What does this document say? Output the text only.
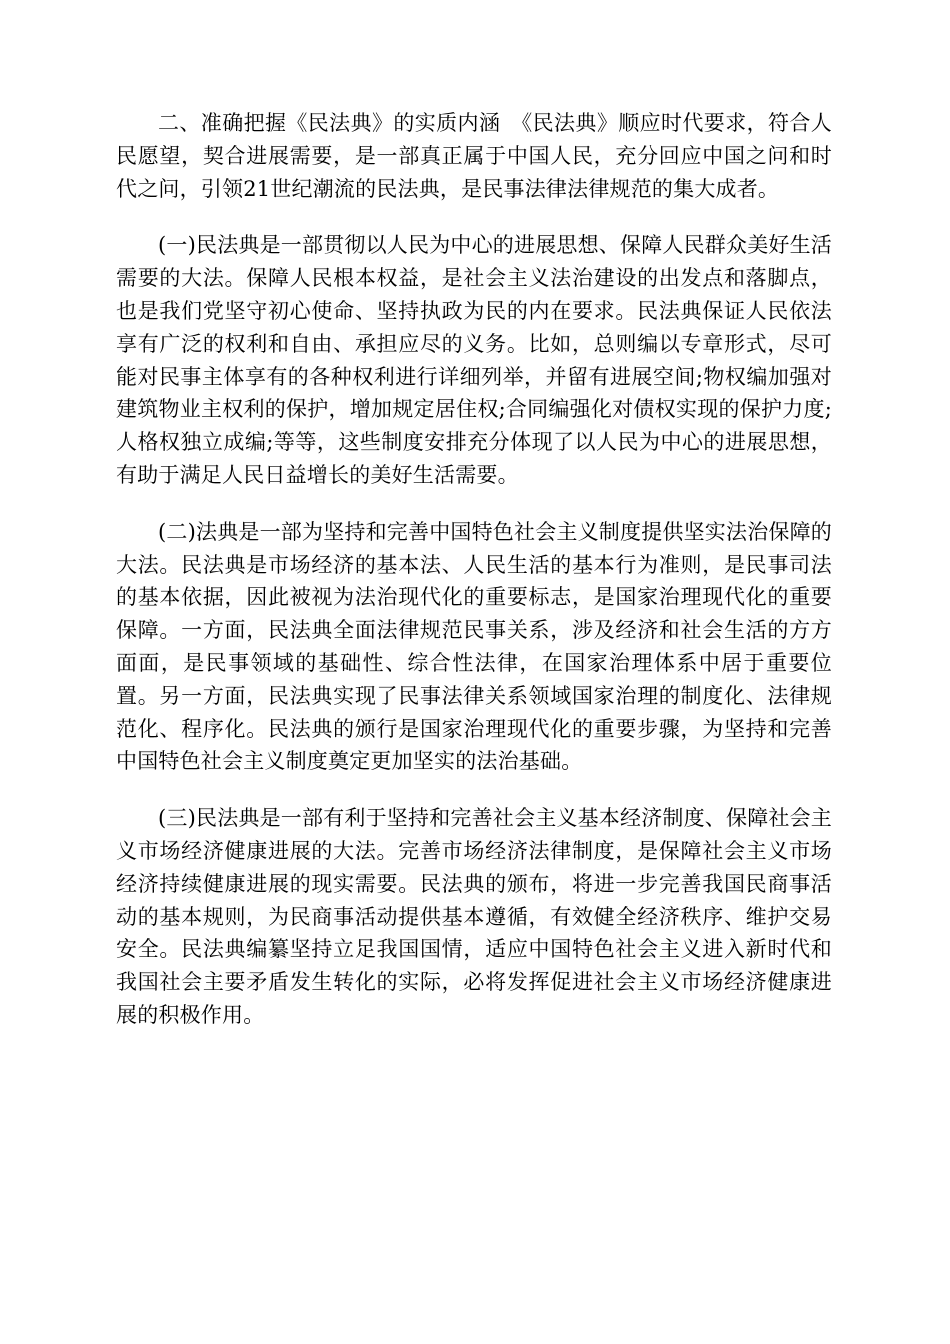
二、准确把握《民法典》的实质内涵　《民法典》顺应时代要求，符合人民愿望，契合进展需要，是一部真正属于中国人民，充分回应中国之问和时代之问，引领21世纪潮流的民法典，是民事法律法律规范的集大成者。

(一)民法典是一部贯彻以人民为中心的进展思想、保障人民群众美好生活需要的大法。保障人民根本权益，是社会主义法治建设的出发点和落脚点，也是我们党坚守初心使命、坚持执政为民的内在要求。民法典保证人民依法享有广泛的权利和自由、承担应尽的义务。比如，总则编以专章形式，尽可能对民事主体享有的各种权利进行详细列举，并留有进展空间;物权编加强对建筑物业主权利的保护，增加规定居住权;合同编强化对债权实现的保护力度;人格权独立成编;等等，这些制度安排充分体现了以人民为中心的进展思想，有助于满足人民日益增长的美好生活需要。

(二)法典是一部为坚持和完善中国特色社会主义制度提供坚实法治保障的大法。民法典是市场经济的基本法、人民生活的基本行为准则，是民事司法的基本依据，因此被视为法治现代化的重要标志，是国家治理现代化的重要保障。一方面，民法典全面法律规范民事关系，涉及经济和社会生活的方方面面，是民事领域的基础性、综合性法律，在国家治理体系中居于重要位置。另一方面，民法典实现了民事法律关系领域国家治理的制度化、法律规范化、程序化。民法典的颁行是国家治理现代化的重要步骤，为坚持和完善中国特色社会主义制度奠定更加坚实的法治基础。

(三)民法典是一部有利于坚持和完善社会主义基本经济制度、保障社会主义市场经济健康进展的大法。完善市场经济法律制度，是保障社会主义市场经济持续健康进展的现实需要。民法典的颁布，将进一步完善我国民商事活动的基本规则，为民商事活动提供基本遵循，有效健全经济秩序、维护交易安全。民法典编纂坚持立足我国国情，适应中国特色社会主义进入新时代和我国社会主要矛盾发生转化的实际，必将发挥促进社会主义市场经济健康进展的积极作用。
